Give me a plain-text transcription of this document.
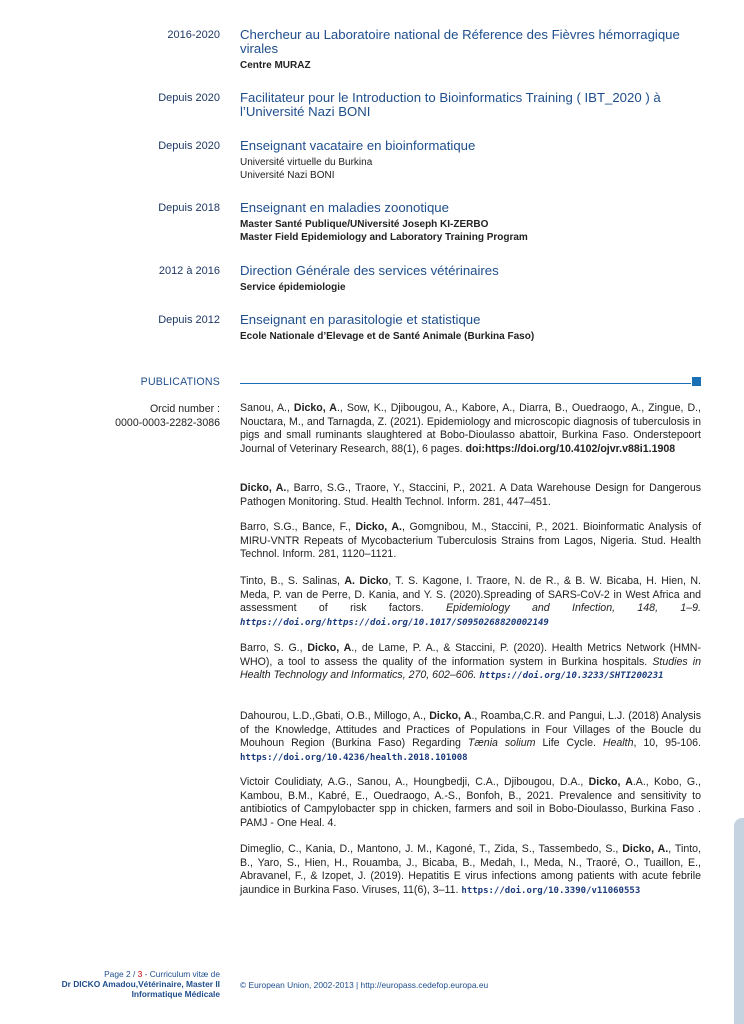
2016-2020 Chercheur au Laboratoire national de Réference des Fièvres hémorragique virales
Centre MURAZ
Depuis 2020 Facilitateur pour le Introduction to Bioinformatics Training ( IBT_2020 ) à l’Université Nazi BONI
Depuis 2020 Enseignant vacataire en bioinformatique
Université virtuelle du Burkina
Université Nazi BONI
Depuis 2018 Enseignant en maladies zoonotique
Master Santé Publique/UNiversité Joseph KI-ZERBO
Master Field Epidemiology and Laboratory Training Program
2012 à 2016 Direction Générale des services vétérinaires
Service épidemiologie
Depuis 2012 Enseignant en parasitologie et statistique
Ecole Nationale d’Elevage et de Santé Animale (Burkina Faso)
PUBLICATIONS
Orcid number :
0000-0003-2282-3086
Sanou, A., Dicko, A., Sow, K., Djibougou, A., Kabore, A., Diarra, B., Ouedraogo, A., Zingue, D., Nouctara, M., and Tarnagda, Z. (2021). Epidemiology and microscopic diagnosis of tuberculosis in pigs and small ruminants slaughtered at Bobo-Dioulasso abattoir, Burkina Faso. Onderstepoort Journal of Veterinary Research, 88(1), 6 pages. doi:https://doi.org/10.4102/ojvr.v88i1.1908
Dicko, A., Barro, S.G., Traore, Y., Staccini, P., 2021. A Data Warehouse Design for Dangerous Pathogen Monitoring. Stud. Health Technol. Inform. 281, 447–451.
Barro, S.G., Bance, F., Dicko, A., Gomgnibou, M., Staccini, P., 2021. Bioinformatic Analysis of MIRU-VNTR Repeats of Mycobacterium Tuberculosis Strains from Lagos, Nigeria. Stud. Health Technol. Inform. 281, 1120–1121.
Tinto, B., S. Salinas, A. Dicko, T. S. Kagone, I. Traore, N. de R., & B. W. Bicaba, H. Hien, N. Meda, P. van de Perre, D. Kania, and Y. S. (2020).Spreading of SARS-CoV-2 in West Africa and assessment of risk factors. Epidemiology and Infection, 148, 1–9. https://doi.org/https://doi.org/10.1017/S0950268820002149
Barro, S. G., Dicko, A., de Lame, P. A., & Staccini, P. (2020). Health Metrics Network (HMN-WHO), a tool to assess the quality of the information system in Burkina hospitals. Studies in Health Technology and Informatics, 270, 602–606. https://doi.org/10.3233/SHTI200231
Dahourou, L.D.,Gbati, O.B., Millogo, A., Dicko, A., Roamba,C.R. and Pangui, L.J. (2018) Analysis of the Knowledge, Attitudes and Practices of Populations in Four Villages of the Boucle du Mouhoun Region (Burkina Faso) Regarding Tænia solium Life Cycle. Health, 10, 95-106. https://doi.org/10.4236/health.2018.101008
Victoir Coulidiaty, A.G., Sanou, A., Houngbedji, C.A., Djibougou, D.A., Dicko, A.A., Kobo, G., Kambou, B.M., Kabré, E., Ouedraogo, A.-S., Bonfoh, B., 2021. Prevalence and sensitivity to antibiotics of Campylobacter spp in chicken, farmers and soil in Bobo-Dioulasso, Burkina Faso . PAMJ - One Heal. 4.
Dimeglio, C., Kania, D., Mantono, J. M., Kagoné, T., Zida, S., Tassembedo, S., Dicko, A., Tinto, B., Yaro, S., Hien, H., Rouamba, J., Bicaba, B., Medah, I., Meda, N., Traoré, O., Tuaillon, E., Abravanel, F., & Izopet, J. (2019). Hepatitis E virus infections among patients with acute febrile jaundice in Burkina Faso. Viruses, 11(6), 3–11. https://doi.org/10.3390/v11060553
Page 2 / 3 - Curriculum vitæ de
Dr DICKO Amadou,Vétérinaire, Master II
Informatique Médicale
© European Union, 2002-2013 | http://europass.cedefop.europa.eu
